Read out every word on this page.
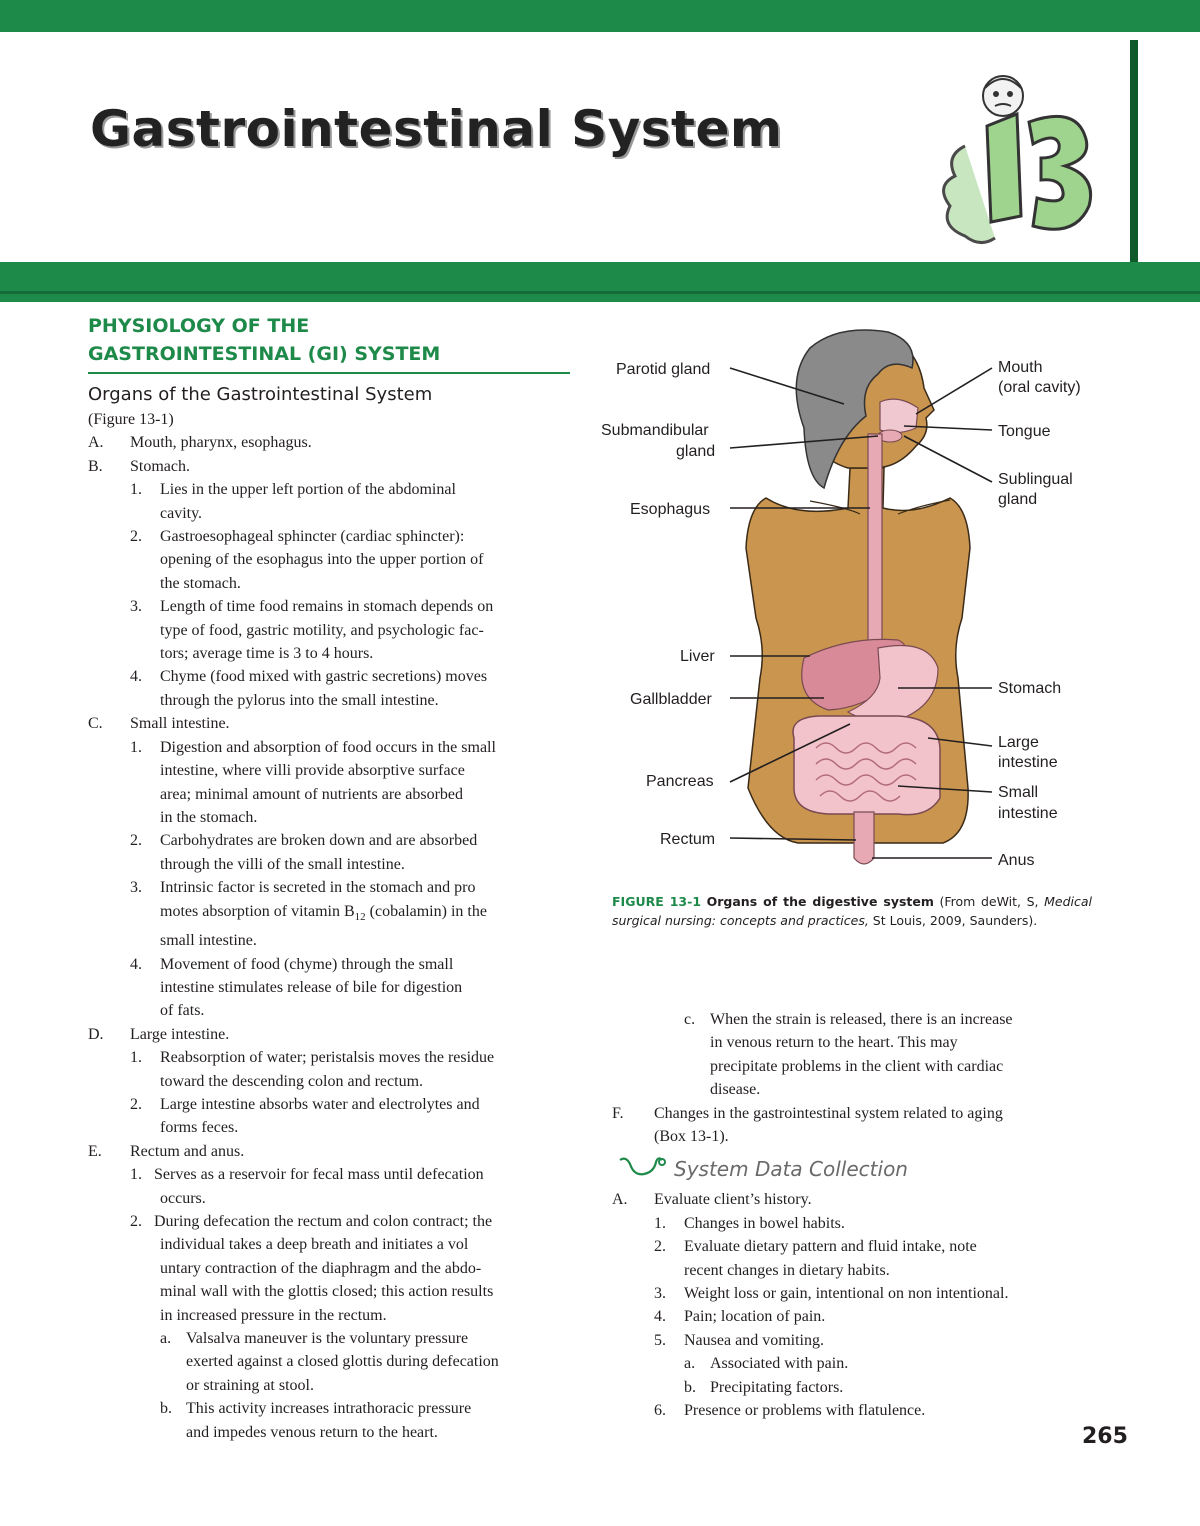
Gastrointestinal System

PHYSIOLOGY OF THE

GASTROINTESTINAL (GI) SYSTEM

Organs of the Gastrointestinal System

(Figure 13-1)
A. Mouth, pharynx, esophagus.
B. Stomach.
1. Lies in the upper left portion of the abdominal
cavity.
2. Gastroesophageal sphincter (cardiac sphincter):
opening of the esophagus into the upper portion of
the stomach.
3. Length of time food remains in stomach depends on
type of food, gastric motility, and psychologic fac-
tors; average time is 3 to 4 hours.
4. Chyme (food mixed with gastric secretions) moves
through the pylorus into the small intestine.
C. Small intestine.
1. Digestion and absorption of food occurs in the small
intestine, where villi provide absorptive surface
area; minimal amount of nutrients are absorbed
in the stomach.
2. Carbohydrates are broken down and are absorbed
through the villi of the small intestine.
3. Intrinsic factor is secreted in the stomach and pro
motes absorption of vitamin $B_{12}$ (cobalamin) in the
small intestine.
4. Movement of food (chyme) through the small
intestine stimulates release of bile for digestion
of fats.
D. Large intestine.
1. Reabsorption of water; peristalsis moves the residue
toward the descending colon and rectum.
2. Large intestine absorbs water and electrolytes and
forms feces.
E. Rectum and anus.
1. Serves as a reservoir for fecal mass until defecation
occurs.
2. During defecation the rectum and colon contract; the
individual takes a deep breath and initiates a vol
untary contraction of the diaphragm and the abdo-
minal wall with the glottis closed; this action results
in increased pressure in the rectum.
a. Valsalva maneuver is the voluntary pressure
exerted against a closed glottis during defecation
or straining at stool.
b. This activity increases intrathoracic pressure
and impedes venous return to the heart.
Parotid gland
Submandibular
gland
Esophagus
Liver
Gallbladder
Pancreas
Rectum
Mouth
(oral cavity)
Tongue
Sublingual
gland
Stomach
Large
intestine
Small
intestine
Anus
FIGURE 13-1 Organs of the digestive system (From deWit, S, Medical surgical nursing: concepts and practices, St Louis, 2009, Saunders).
c. When the strain is released, there is an increase
in venous return to the heart. This may
precipitate problems in the client with cardiac
disease.
F. Changes in the gastrointestinal system related to aging
(Box 13-1).
System Data Collection
A. Evaluate client’s history.
1. Changes in bowel habits.
2. Evaluate dietary pattern and fluid intake, note
recent changes in dietary habits.
3. Weight loss or gain, intentional on non intentional.
4. Pain; location of pain.
5. Nausea and vomiting.
a. Associated with pain.
b. Precipitating factors.
6. Presence or problems with flatulence.
265
